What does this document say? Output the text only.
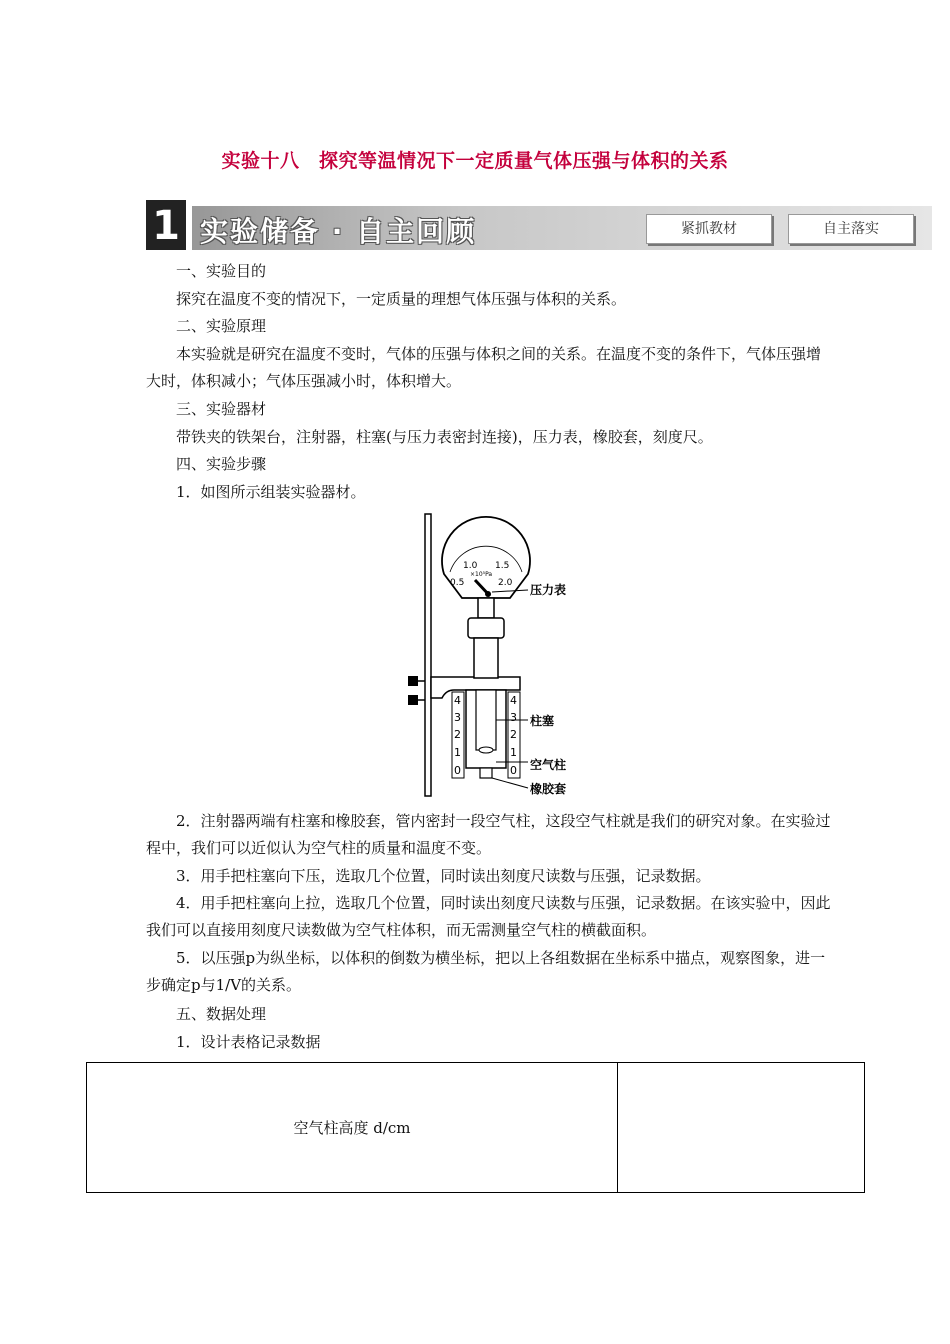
实验十八　探究等温情况下一定质量气体压强与体积的关系
1 实验储备 · 自主回顾	紧抓教材	自主落实
一、实验目的
探究在温度不变的情况下，一定质量的理想气体压强与体积的关系。
二、实验原理
本实验就是研究在温度不变时，气体的压强与体积之间的关系。在温度不变的条件下，气体压强增大时，体积减小；气体压强减小时，体积增大。
三、实验器材
带铁夹的铁架台，注射器，柱塞(与压力表密封连接)，压力表，橡胶套，刻度尺。
四、实验步骤
1．如图所示组装实验器材。
1.0 1.5
0.5	2.0
×10⁵Pa
4
3
2
1
0
4
3
2
1
0
压力表
柱塞
空气柱
橡胶套
2．注射器两端有柱塞和橡胶套，管内密封一段空气柱，这段空气柱就是我们的研究对象。在实验过程中，我们可以近似认为空气柱的质量和温度不变。
3．用手把柱塞向下压，选取几个位置，同时读出刻度尺读数与压强，记录数据。
4．用手把柱塞向上拉，选取几个位置，同时读出刻度尺读数与压强，记录数据。在该实验中，因此我们可以直接用刻度尺读数做为空气柱体积，而无需测量空气柱的横截面积。
5．以压强p为纵坐标，以体积的倒数为横坐标，把以上各组数据在坐标系中描点，观察图象，进一步确定p与1/V的关系。
五、数据处理
1．设计表格记录数据
空气柱高度 d/cm	
